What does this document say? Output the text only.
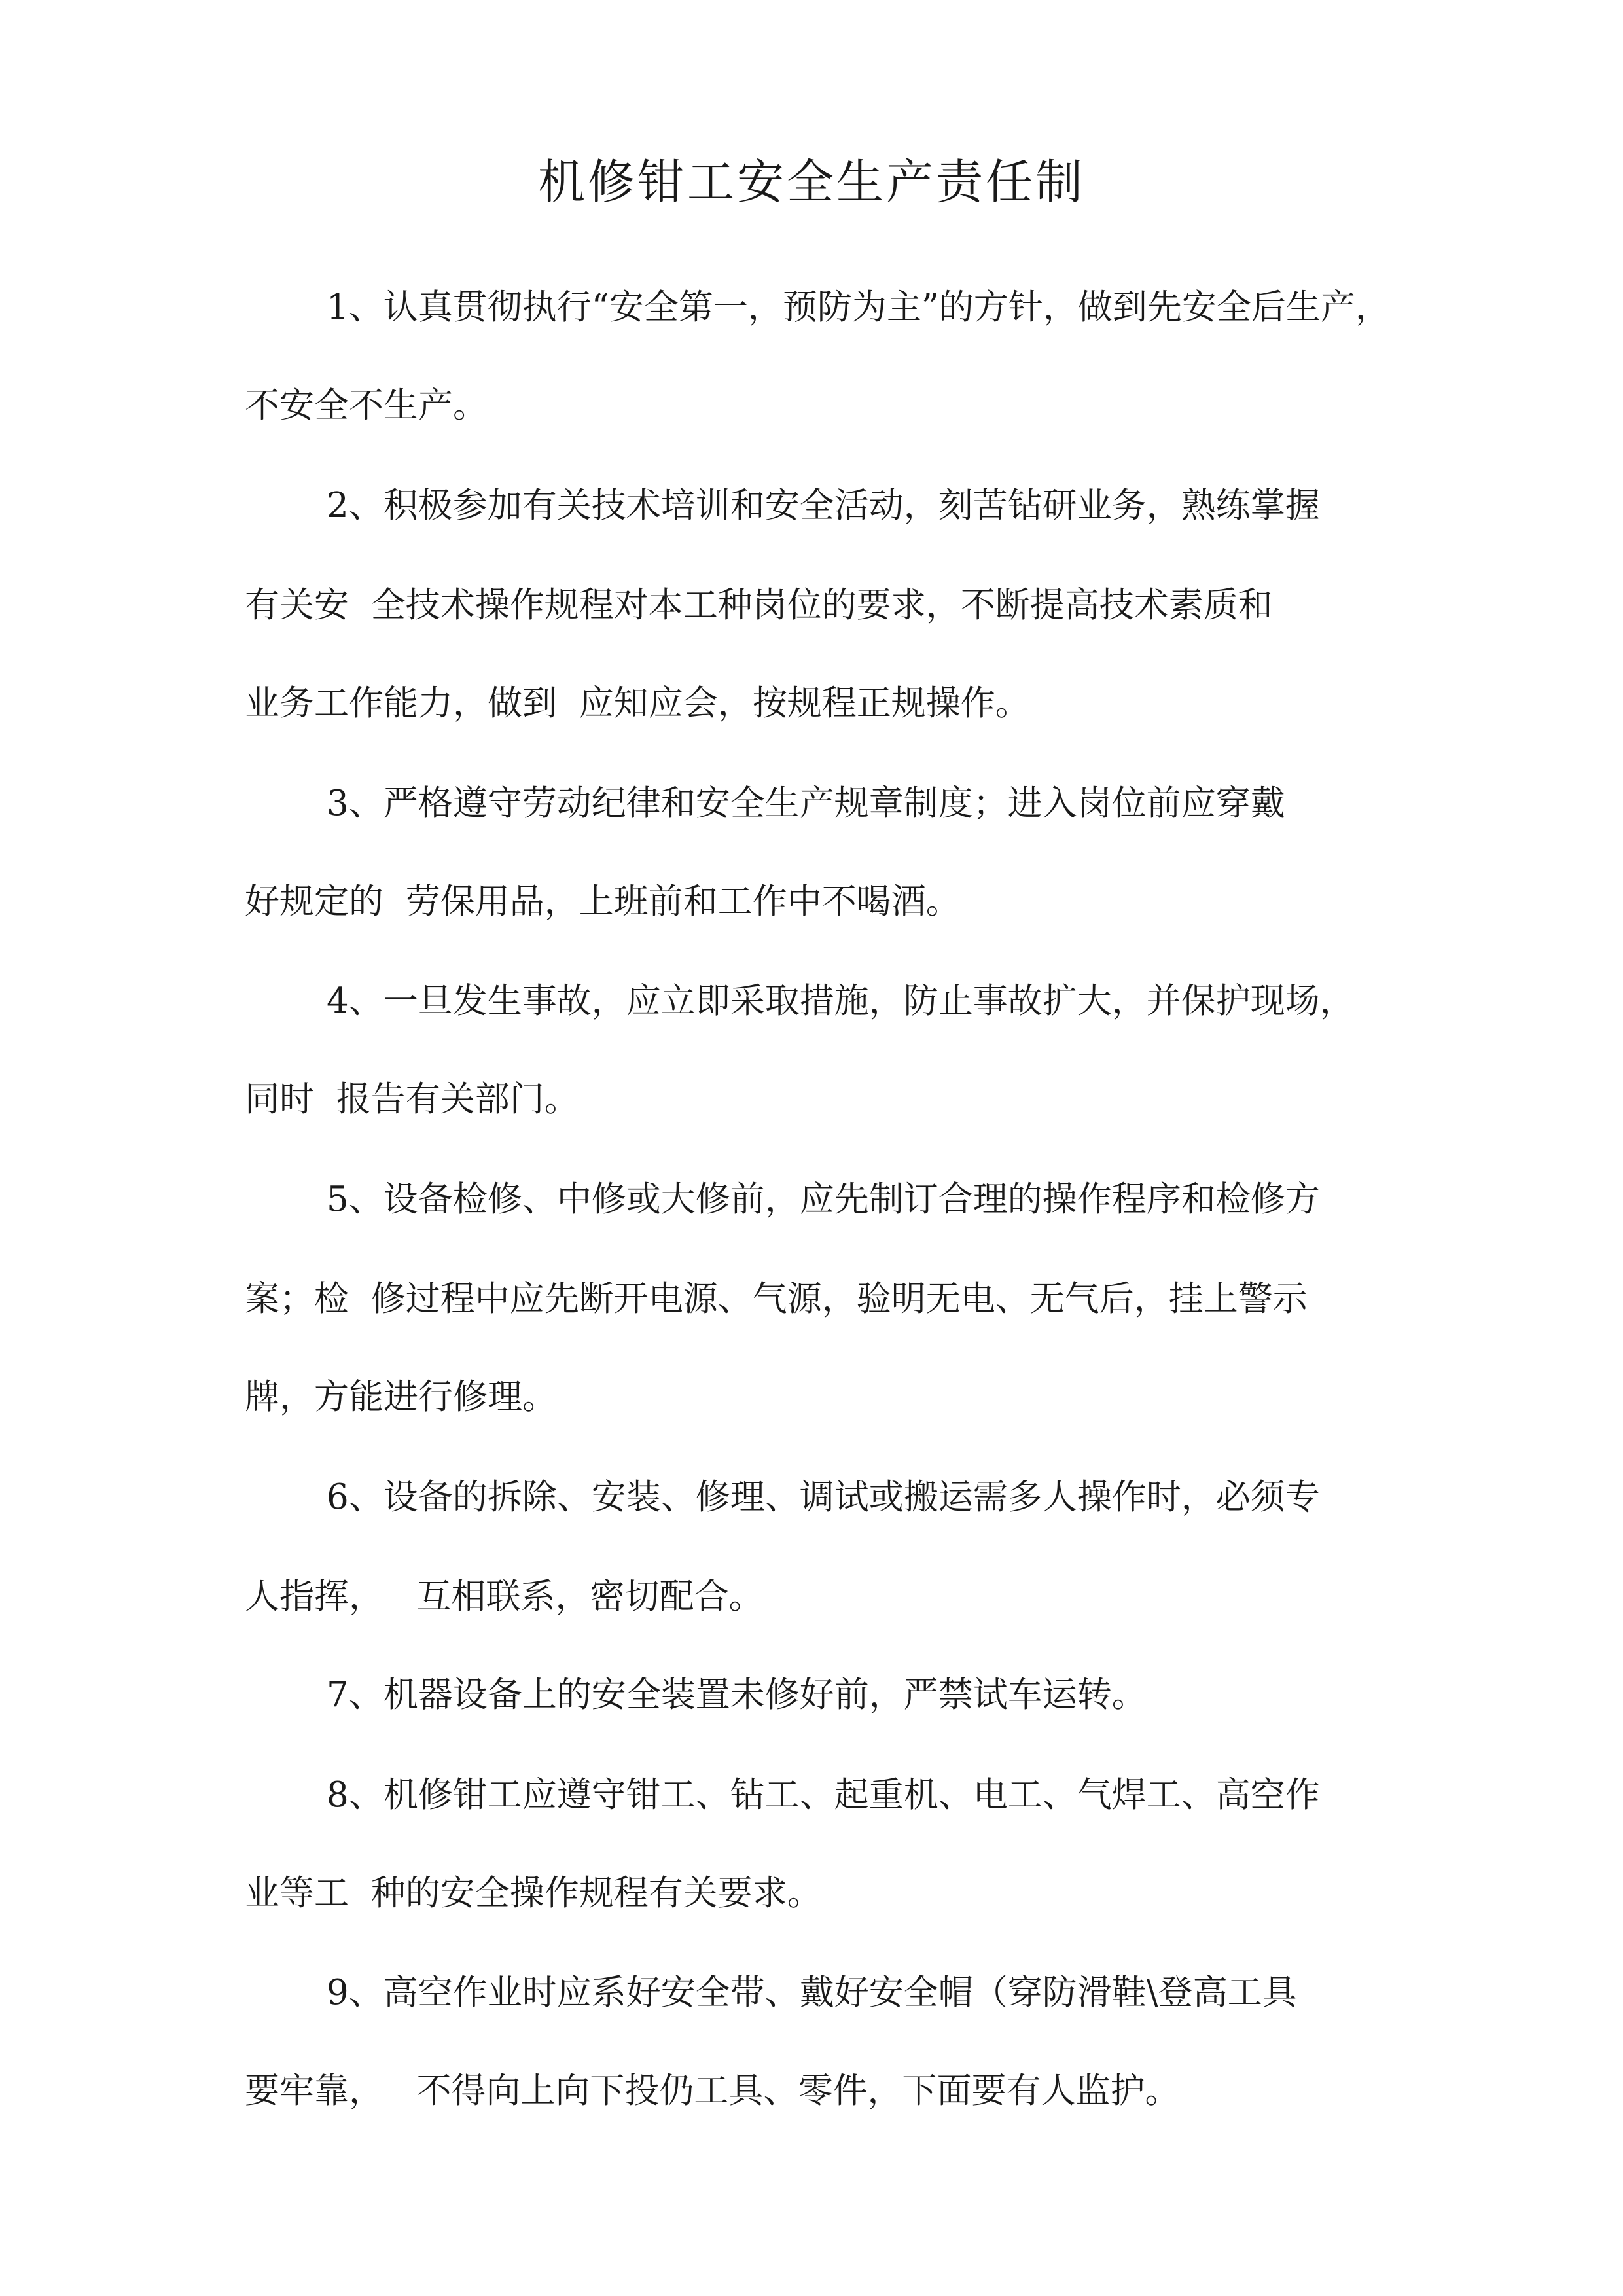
机修钳工安全生产责任制
1、认真贯彻执行“安全第一，预防为主”的方针，做到先安全后生产，
不安全不生产。
2、积极参加有关技术培训和安全活动，刻苦钻研业务，熟练掌握
有关安  全技术操作规程对本工种岗位的要求，不断提高技术素质和
业务工作能力，做到  应知应会，按规程正规操作。
3、严格遵守劳动纪律和安全生产规章制度；进入岗位前应穿戴
好规定的  劳保用品，上班前和工作中不喝酒。
4、一旦发生事故，应立即采取措施，防止事故扩大，并保护现场，
同时  报告有关部门。
5、设备检修、中修或大修前，应先制订合理的操作程序和检修方
案；检  修过程中应先断开电源、气源，验明无电、无气后，挂上警示
牌，方能进行修理。
6、设备的拆除、安装、修理、调试或搬运需多人操作时，必须专
人指挥，   互相联系，密切配合。
7、机器设备上的安全装置未修好前，严禁试车运转。
8、机修钳工应遵守钳工、钻工、起重机、电工、气焊工、高空作
业等工  种的安全操作规程有关要求。
9、高空作业时应系好安全带、戴好安全帽（穿防滑鞋\登高工具
要牢靠，   不得向上向下投仍工具、零件，下面要有人监护。
